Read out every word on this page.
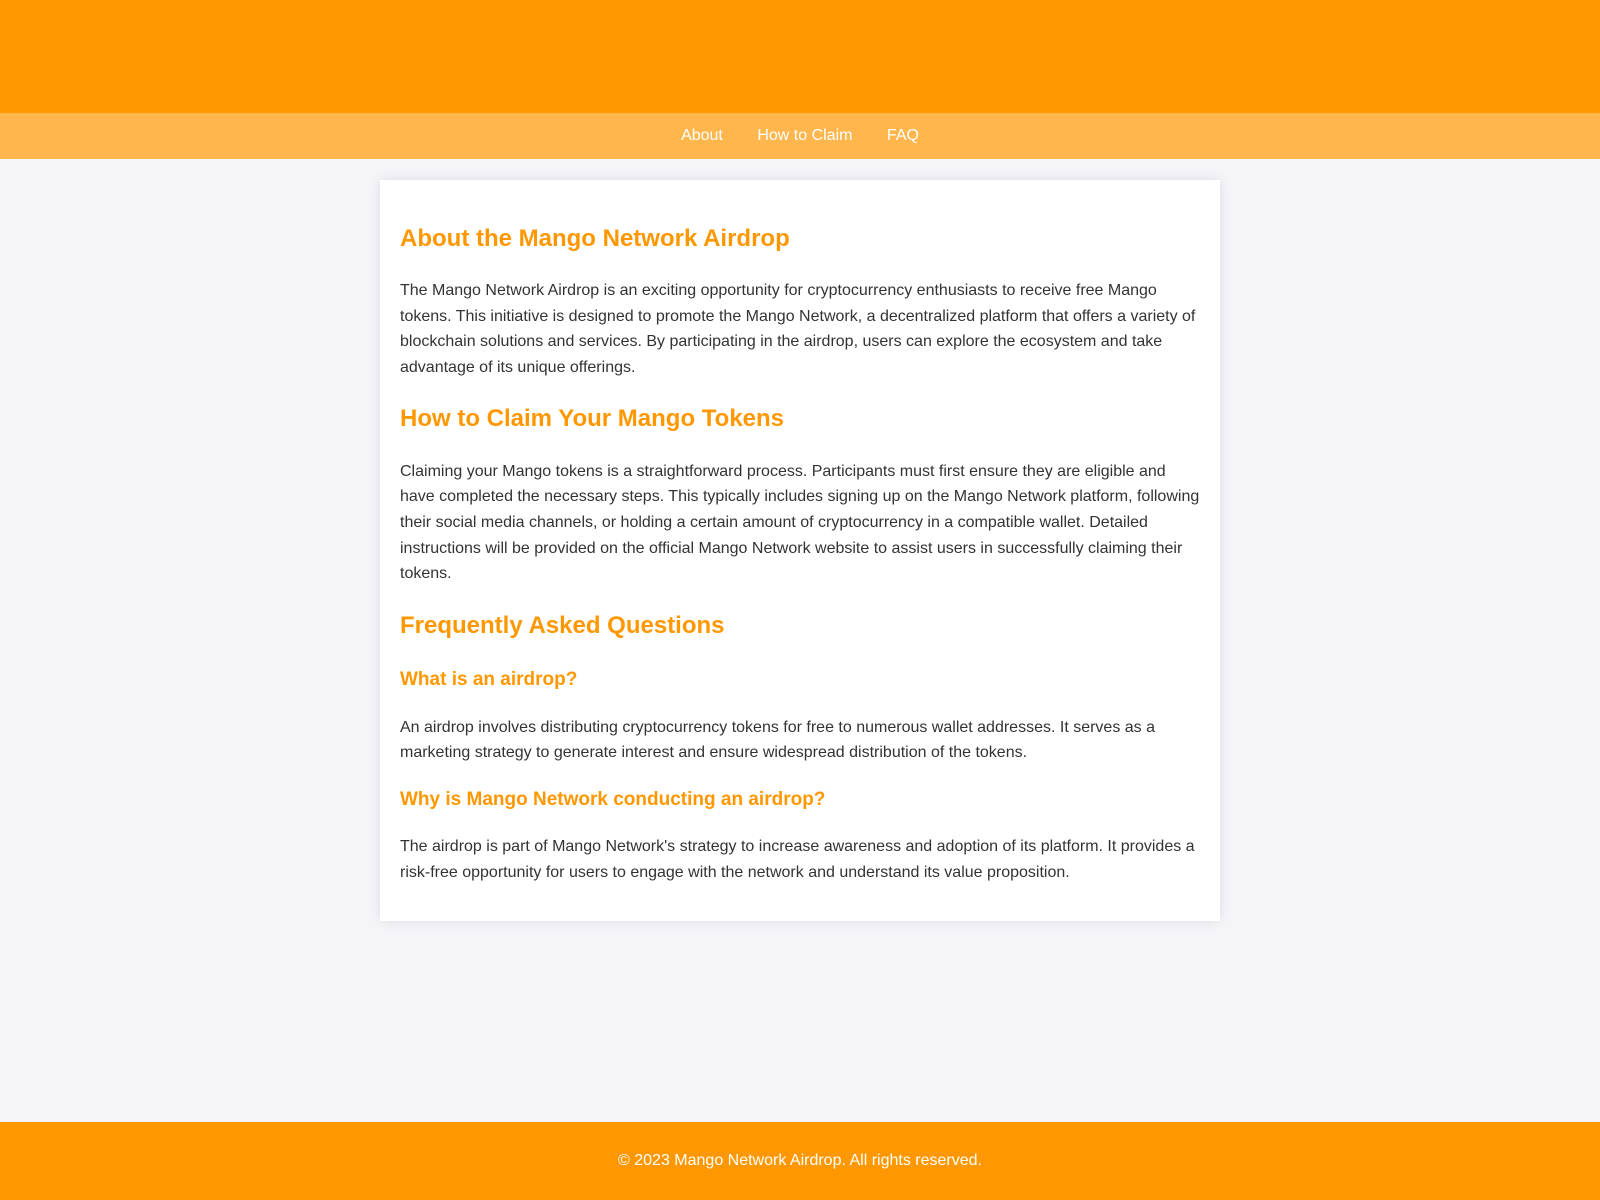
About How to Claim FAQ
About the Mango Network Airdrop

The Mango Network Airdrop is an exciting opportunity for cryptocurrency enthusiasts to receive free Mango tokens. This initiative is designed to promote the Mango Network, a decentralized platform that offers a variety of blockchain solutions and services. By participating in the airdrop, users can explore the ecosystem and take advantage of its unique offerings.

How to Claim Your Mango Tokens

Claiming your Mango tokens is a straightforward process. Participants must first ensure they are eligible and have completed the necessary steps. This typically includes signing up on the Mango Network platform, following their social media channels, or holding a certain amount of cryptocurrency in a compatible wallet. Detailed instructions will be provided on the official Mango Network website to assist users in successfully claiming their tokens.

Frequently Asked Questions
What is an airdrop?

An airdrop involves distributing cryptocurrency tokens for free to numerous wallet addresses. It serves as a marketing strategy to generate interest and ensure widespread distribution of the tokens.

Why is Mango Network conducting an airdrop?

The airdrop is part of Mango Network's strategy to increase awareness and adoption of its platform. It provides a risk-free opportunity for users to engage with the network and understand its value proposition.

© 2023 Mango Network Airdrop. All rights reserved.
